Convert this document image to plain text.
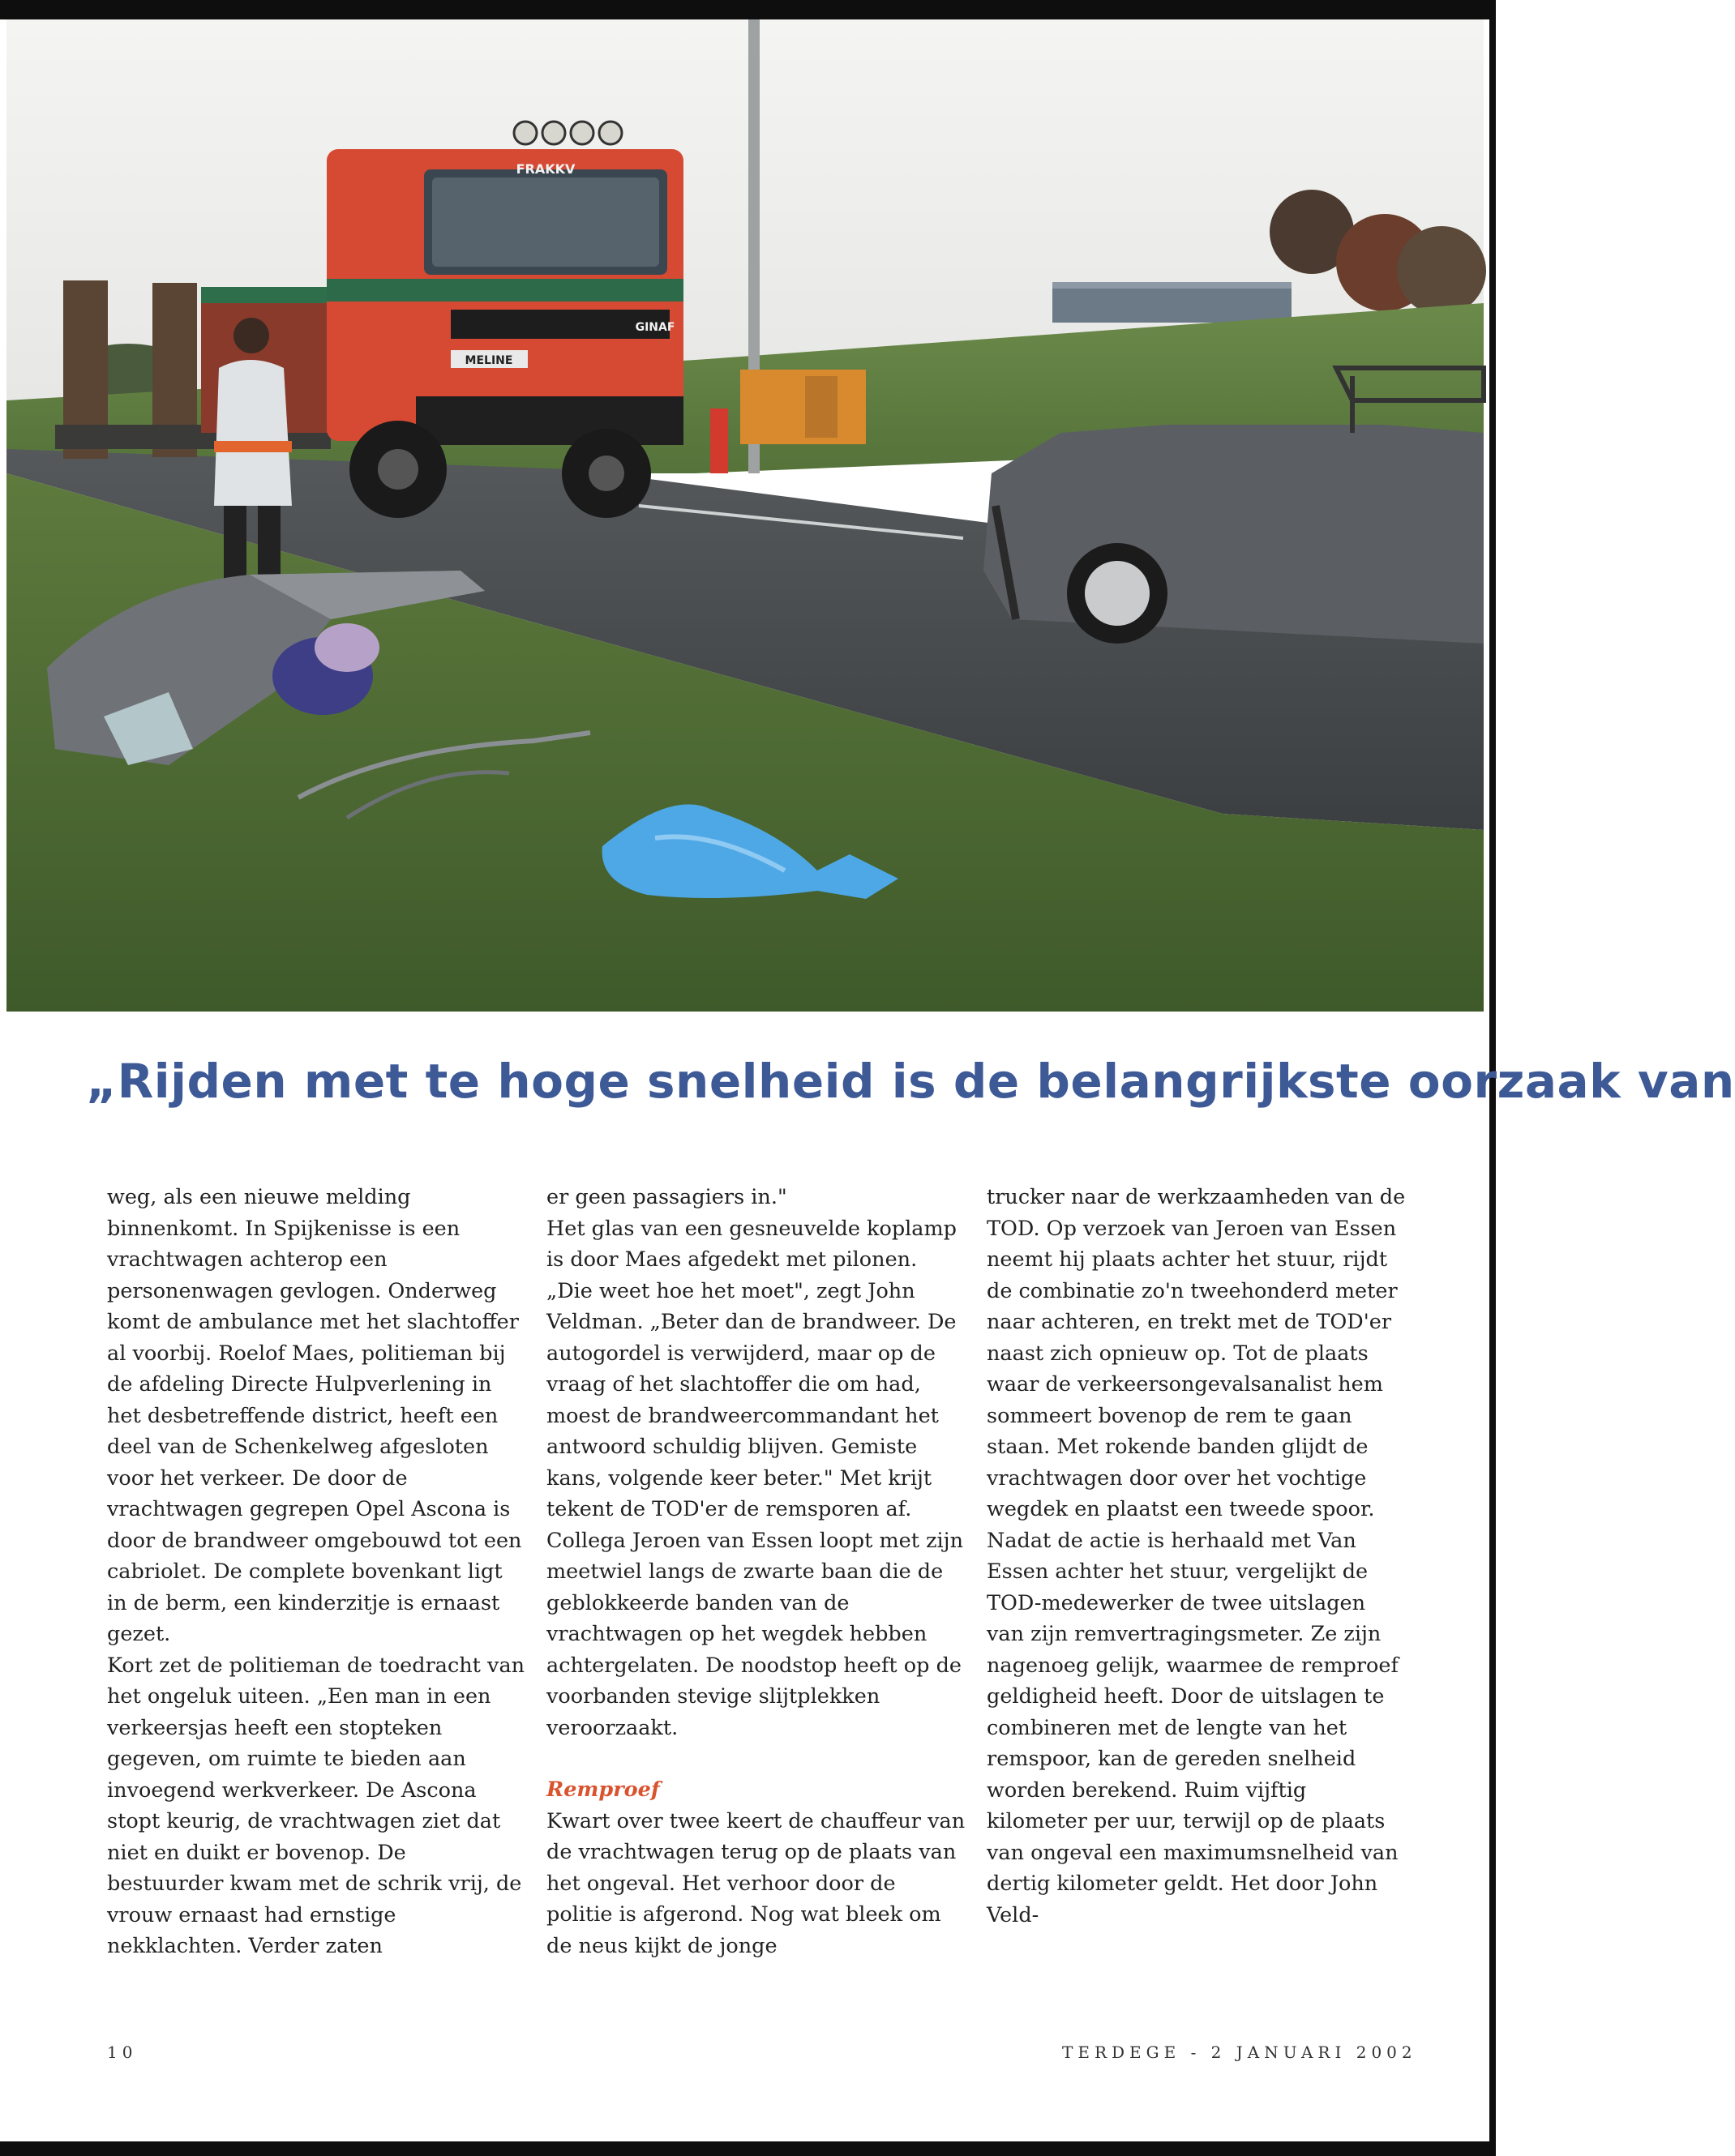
FRAKKV
GINAF
MELINE
„Rijden met te hoge snelheid is de belangrijkste oorzaak van

weg, als een nieuwe melding binnenkomt. In Spijkenisse is een vrachtwagen achterop een personenwagen gevlogen. Onderweg komt de ambulance met het slachtoffer al voorbij. Roelof Maes, politieman bij de afdeling Directe Hulpverlening in het desbetreffende district, heeft een deel van de Schenkelweg afgesloten voor het verkeer. De door de vrachtwagen gegrepen Opel Ascona is door de brandweer omgebouwd tot een cabriolet. De complete bovenkant ligt in de berm, een kinderzitje is ernaast gezet.

Kort zet de politieman de toedracht van het ongeluk uiteen. „Een man in een verkeersjas heeft een stopteken gegeven, om ruimte te bieden aan invoegend werkverkeer. De Ascona stopt keurig, de vrachtwagen ziet dat niet en duikt er bovenop. De bestuurder kwam met de schrik vrij, de vrouw ernaast had ernstige nekklachten. Verder zaten

er geen passagiers in."

Het glas van een gesneuvelde koplamp is door Maes afgedekt met pilonen. „Die weet hoe het moet", zegt John Veldman. „Beter dan de brandweer. De autogordel is verwijderd, maar op de vraag of het slachtoffer die om had, moest de brandweercommandant het antwoord schuldig blijven. Gemiste kans, volgende keer beter." Met krijt tekent de TOD'er de remsporen af. Collega Jeroen van Essen loopt met zijn meetwiel langs de zwarte baan die de geblokkeerde banden van de vrachtwagen op het wegdek hebben achtergelaten. De noodstop heeft op de voorbanden stevige slijtplekken veroorzaakt.

Remproef

Kwart over twee keert de chauffeur van de vrachtwagen terug op de plaats van het ongeval. Het verhoor door de politie is afgerond. Nog wat bleek om de neus kijkt de jonge

trucker naar de werkzaamheden van de TOD. Op verzoek van Jeroen van Essen neemt hij plaats achter het stuur, rijdt de combinatie zo'n tweehonderd meter naar achteren, en trekt met de TOD'er naast zich opnieuw op. Tot de plaats waar de verkeersongevalsanalist hem sommeert bovenop de rem te gaan staan. Met rokende banden glijdt de vrachtwagen door over het vochtige wegdek en plaatst een tweede spoor.

Nadat de actie is herhaald met Van Essen achter het stuur, vergelijkt de TOD-medewerker de twee uitslagen van zijn remvertragingsmeter. Ze zijn nagenoeg gelijk, waarmee de remproef geldigheid heeft. Door de uitslagen te combineren met de lengte van het remspoor, kan de gereden snelheid worden berekend. Ruim vijftig kilometer per uur, terwijl op de plaats van ongeval een maximumsnelheid van dertig kilometer geldt. Het door John Veld-

10	TERDEGE - 2 JANUARI 2002
